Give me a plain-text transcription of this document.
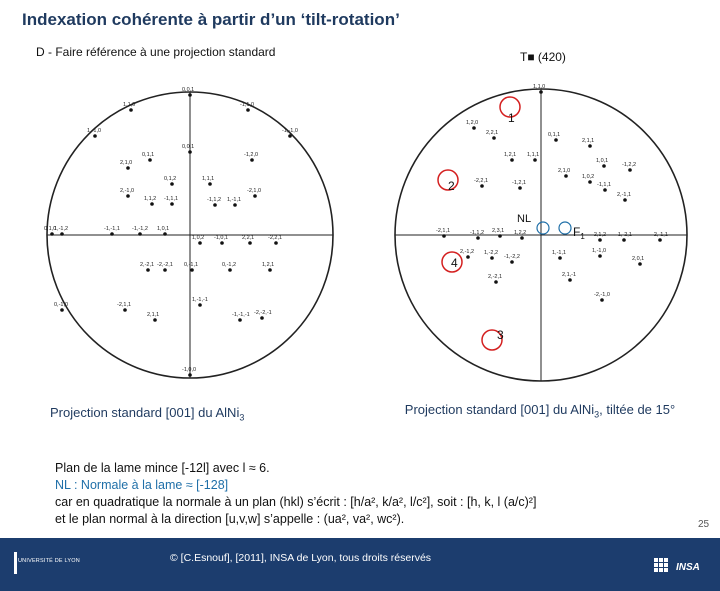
Indexation cohérente à partir d’un ‘tilt-rotation’
D - Faire référence à une projection standard	T■ (420)
1,1,0	-1,1,0
1,-1,0	-1,-1,0
0,0,1
2,1,0
-1,2,0
2,-1,0	-2,1,0
0,1,1
0,1,2	1,1,1
1,1,2 -1,1,1	-1,1,2 1,-1,1
1,-1,2	-1,-1,1 -1,-1,2 1,0,1
1,0,2 -1,0,1	2,2,1	-2,2,1
2,-2,1 -2,-2,1 0,-1,1	0,-1,2	1,2,1
-2,1,1
2,1,1
1,-1,-1
-1,-1,-1 -2,-2,-1
0,-1,0
0,0,1
-1,0,0
0,1,0
1,2,0
2,2,1
1,2,1 1,1,1
0,1,1
2,1,1
1,0,1
-1,2,2
-1,1,1
-2,2,1	-1,2,1
2,1,0
1,0,2
2,-1,1
-2,1,1	-1,1,2 2,3,1 1,2,2	-2,1,2 -1,-2,1	-2,-1,1
2,-1,2 1,-2,2
-1,-2,2
1,-1,1	1,-1,0
2,0,1
2,-2,1	2,1,-1
-2,-1,0
1,1,0
1
2
3
4
NL
$F_1$
Projection standard [001] du AlNi$_3$
Projection standard [001] du AlNi$_3$, tiltée de 15°
Plan de la lame mince [-12l] avec l ≈ 6.
NL : Normale à la lame ≈ [-128]
car en quadratique la normale à un plan (hkl) s’écrit : [h/a², k/a², l/c²], soit : [h, k, l (a/c)²]
et le plan normal à la direction [u,v,w] s’appelle : (ua², va², wc²).	25
UNIVERSITÉ DE LYON	© [C.Esnouf], [2011], INSA de Lyon, tous droits réservés
INSA
